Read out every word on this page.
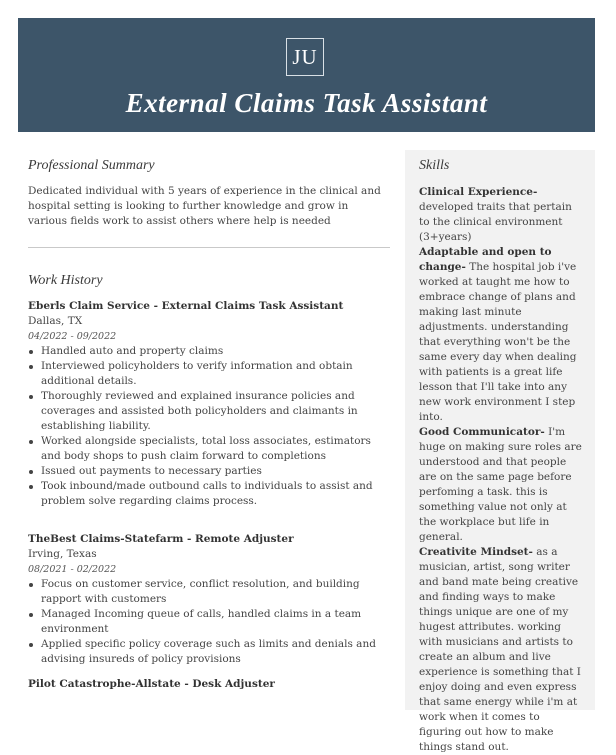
JU
External Claims Task Assistant
Professional Summary
Dedicated individual with 5 years of experience in the clinical and hospital setting is looking to further knowledge and grow in various fields work to assist others where help is needed
Work History
Eberls Claim Service - External Claims Task Assistant
Dallas, TX
04/2022 - 09/2022
Handled auto and property claims
Interviewed policyholders to verify information and obtain additional details.
Thoroughly reviewed and explained insurance policies and coverages and assisted both policyholders and claimants in establishing liability.
Worked alongside specialists, total loss associates, estimators and body shops to push claim forward to completions
Issued out payments to necessary parties
Took inbound/made outbound calls to individuals to assist and problem solve regarding claims process.
TheBest Claims-Statefarm - Remote Adjuster
Irving, Texas
08/2021 - 02/2022
Focus on customer service, conflict resolution, and building rapport with customers
Managed Incoming queue of calls, handled claims in a team environment
Applied specific policy coverage such as limits and denials and advising insureds of policy provisions
Pilot Catastrophe-Allstate - Desk Adjuster
Skills
Clinical Experience- developed traits that pertain to the clinical environment (3+years)
Adaptable and open to change- The hospital job i've worked at taught me how to embrace change of plans and making last minute adjustments. understanding that everything won't be the same every day when dealing with patients is a great life lesson that I'll take into any new work environment I step into.
Good Communicator- I'm huge on making sure roles are understood and that people are on the same page before perfoming a task. this is something value not only at the workplace but life in general.
Creativite Mindset- as a musician, artist, song writer and band mate being creative and finding ways to make things unique are one of my hugest attributes. working with musicians and artists to create an album and live experience is something that I enjoy doing and even express that same energy while i'm at work when it comes to figuring out how to make things stand out.
